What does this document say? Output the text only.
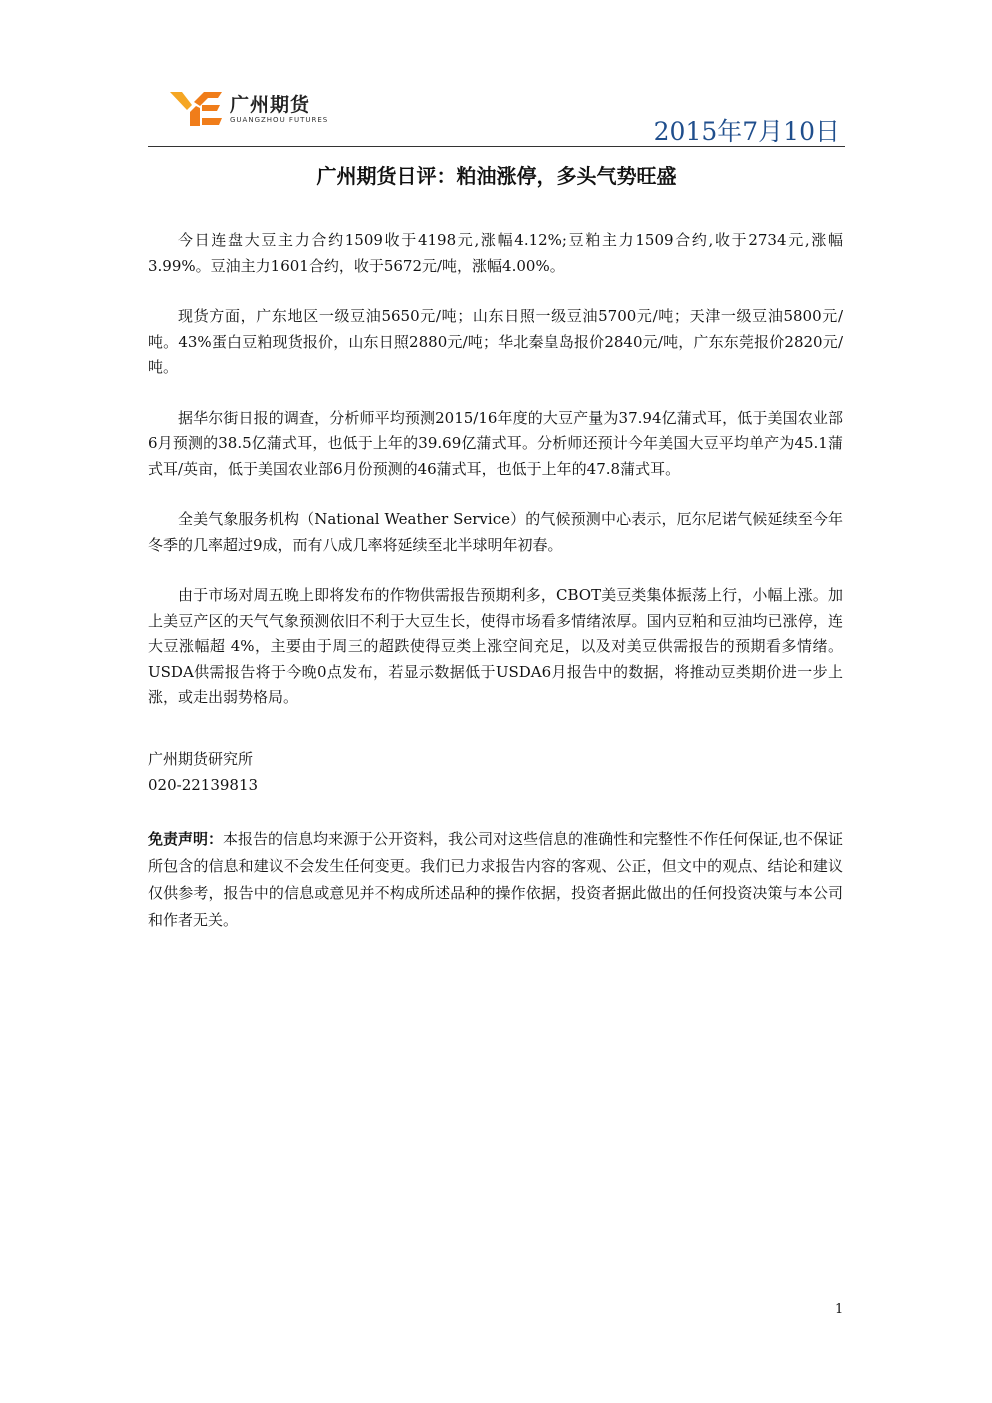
广州期货
GUANGZHOU FUTURES	2015年7月10日
广州期货日评：粕油涨停，多头气势旺盛

今日连盘大豆主力合约1509收于4198元,涨幅4.12%;豆粕主力1509合约,收于2734元,涨幅3.99%。豆油主力1601合约，收于5672元/吨，涨幅4.00%。

现货方面，广东地区一级豆油5650元/吨；山东日照一级豆油5700元/吨；天津一级豆油5800元/吨。43%蛋白豆粕现货报价，山东日照2880元/吨；华北秦皇岛报价2840元/吨，广东东莞报价2820元/吨。

据华尔街日报的调查，分析师平均预测2015/16年度的大豆产量为37.94亿蒲式耳，低于美国农业部6月预测的38.5亿蒲式耳，也低于上年的39.69亿蒲式耳。分析师还预计今年美国大豆平均单产为45.1蒲式耳/英亩，低于美国农业部6月份预测的46蒲式耳，也低于上年的47.8蒲式耳。

全美气象服务机构（National Weather Service）的气候预测中心表示，厄尔尼诺气候延续至今年冬季的几率超过9成，而有八成几率将延续至北半球明年初春。

由于市场对周五晚上即将发布的作物供需报告预期利多，CBOT美豆类集体振荡上行，小幅上涨。加上美豆产区的天气气象预测依旧不利于大豆生长，使得市场看多情绪浓厚。国内豆粕和豆油均已涨停，连大豆涨幅超 4%，主要由于周三的超跌使得豆类上涨空间充足，以及对美豆供需报告的预期看多情绪。USDA供需报告将于今晚0点发布，若显示数据低于USDA6月报告中的数据，将推动豆类期价进一步上涨，或走出弱势格局。

广州期货研究所
020-22139813
免责声明：本报告的信息均来源于公开资料，我公司对这些信息的准确性和完整性不作任何保证,也不保证所包含的信息和建议不会发生任何变更。我们已力求报告内容的客观、公正，但文中的观点、结论和建议仅供参考，报告中的信息或意见并不构成所述品种的操作依据，投资者据此做出的任何投资决策与本公司和作者无关。
1
